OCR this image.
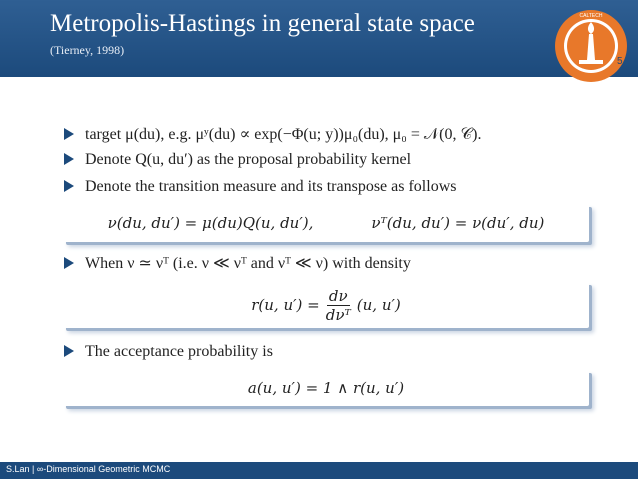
Metropolis-Hastings in general state space
(Tierney, 1998)
CALTECH
5
target μ(du), e.g. μʸ(du) ∝ exp(−Φ(u; y))μ₀(du), μ₀ = 𝒩(0, 𝒞).
Denote Q(u, du′) as the proposal probability kernel
Denote the transition measure and its transpose as follows
ν(du, du′) = μ(du)Q(u, du′),	νᵀ(du, du′) = ν(du′, du)
When ν ≃ νᵀ (i.e. ν ≪ νᵀ and νᵀ ≪ ν) with density
r(u, $u') = \frac{d\nu}{\text{dνᵀ}} (u$, u′)
The acceptance probability is
a(u, u′) = 1 ∧ r(u, u′)
S.Lan | ∞-Dimensional Geometric MCMC
